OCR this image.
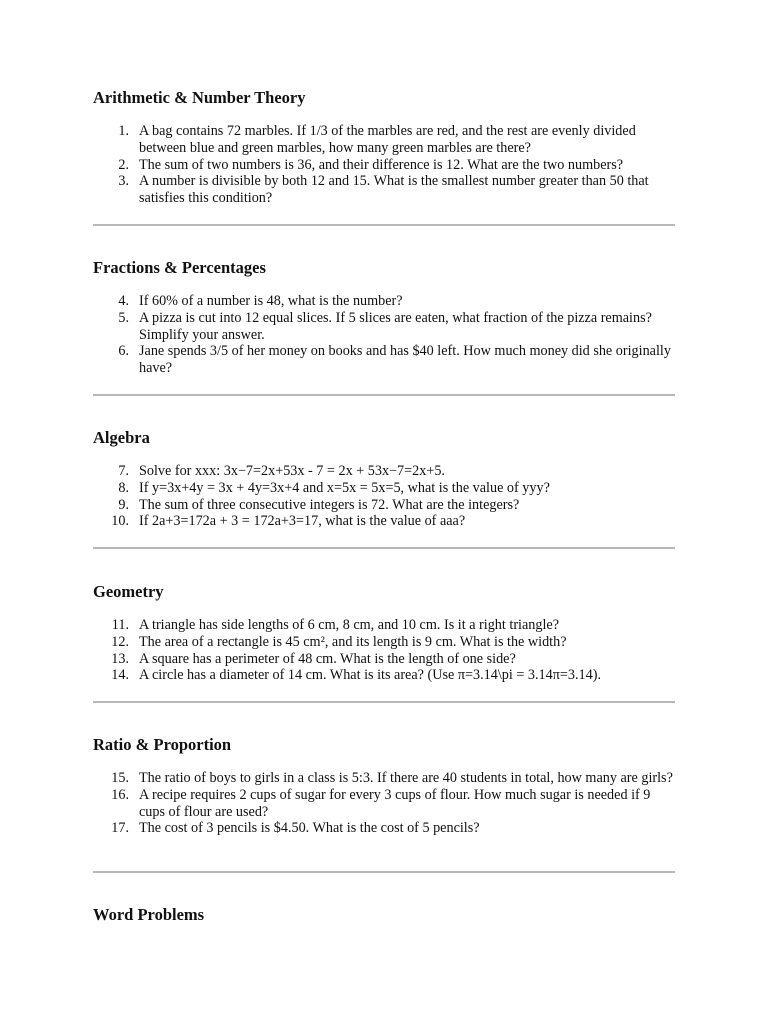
Arithmetic & Number Theory
1. A bag contains 72 marbles. If 1/3 of the marbles are red, and the rest are evenly divided between blue and green marbles, how many green marbles are there?
2. The sum of two numbers is 36, and their difference is 12. What are the two numbers?
3. A number is divisible by both 12 and 15. What is the smallest number greater than 50 that satisfies this condition?
Fractions & Percentages
4. If 60% of a number is 48, what is the number?
5. A pizza is cut into 12 equal slices. If 5 slices are eaten, what fraction of the pizza remains? Simplify your answer.
6. Jane spends 3/5 of her money on books and has $40 left. How much money did she originally have?
Algebra
7. Solve for xxx: 3x−7=2x+53x - 7 = 2x + 53x−7=2x+5.
8. If y=3x+4y = 3x + 4y=3x+4 and x=5x = 5x=5, what is the value of yyy?
9. The sum of three consecutive integers is 72. What are the integers?
10. If 2a+3=172a + 3 = 172a+3=17, what is the value of aaa?
Geometry
11. A triangle has side lengths of 6 cm, 8 cm, and 10 cm. Is it a right triangle?
12. The area of a rectangle is 45 cm², and its length is 9 cm. What is the width?
13. A square has a perimeter of 48 cm. What is the length of one side?
14. A circle has a diameter of 14 cm. What is its area? (Use π=3.14\pi = 3.14π=3.14).
Ratio & Proportion
15. The ratio of boys to girls in a class is 5:3. If there are 40 students in total, how many are girls?
16. A recipe requires 2 cups of sugar for every 3 cups of flour. How much sugar is needed if 9 cups of flour are used?
17. The cost of 3 pencils is $4.50. What is the cost of 5 pencils?
Word Problems
